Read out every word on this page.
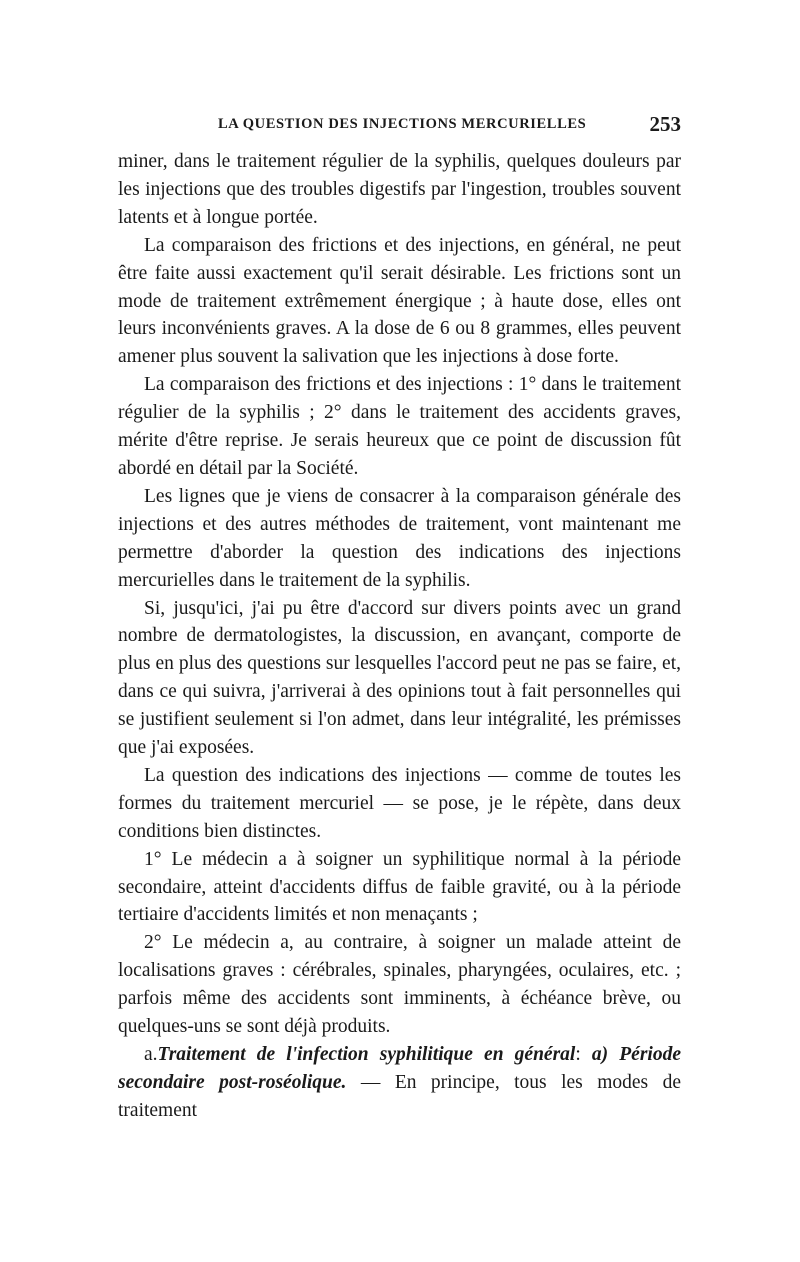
LA QUESTION DES INJECTIONS MERCURIELLES	253

miner, dans le traitement régulier de la syphilis, quelques douleurs par les injections que des troubles digestifs par l'ingestion, troubles souvent latents et à longue portée.

La comparaison des frictions et des injections, en général, ne peut être faite aussi exactement qu'il serait désirable. Les frictions sont un mode de traitement extrêmement énergique ; à haute dose, elles ont leurs inconvénients graves. A la dose de 6 ou 8 grammes, elles peuvent amener plus souvent la salivation que les injections à dose forte.

La comparaison des frictions et des injections : 1° dans le traitement régulier de la syphilis ; 2° dans le traitement des accidents graves, mérite d'être reprise. Je serais heureux que ce point de discussion fût abordé en détail par la Société.

Les lignes que je viens de consacrer à la comparaison générale des injections et des autres méthodes de traitement, vont maintenant me permettre d'aborder la question des indications des injections mercurielles dans le traitement de la syphilis.

Si, jusqu'ici, j'ai pu être d'accord sur divers points avec un grand nombre de dermatologistes, la discussion, en avançant, comporte de plus en plus des questions sur lesquelles l'accord peut ne pas se faire, et, dans ce qui suivra, j'arriverai à des opinions tout à fait personnelles qui se justifient seulement si l'on admet, dans leur intégralité, les prémisses que j'ai exposées.

La question des indications des injections — comme de toutes les formes du traitement mercuriel — se pose, je le répète, dans deux conditions bien distinctes.

1° Le médecin a à soigner un syphilitique normal à la période secondaire, atteint d'accidents diffus de faible gravité, ou à la période tertiaire d'accidents limités et non menaçants ;

2° Le médecin a, au contraire, à soigner un malade atteint de localisations graves : cérébrales, spinales, pharyngées, oculaires, etc. ; parfois même des accidents sont imminents, à échéance brève, ou quelques-uns se sont déjà produits.

a.Traitement de l'infection syphilitique en général: a) Période secondaire post-roséolique. — En principe, tous les modes de traitement
